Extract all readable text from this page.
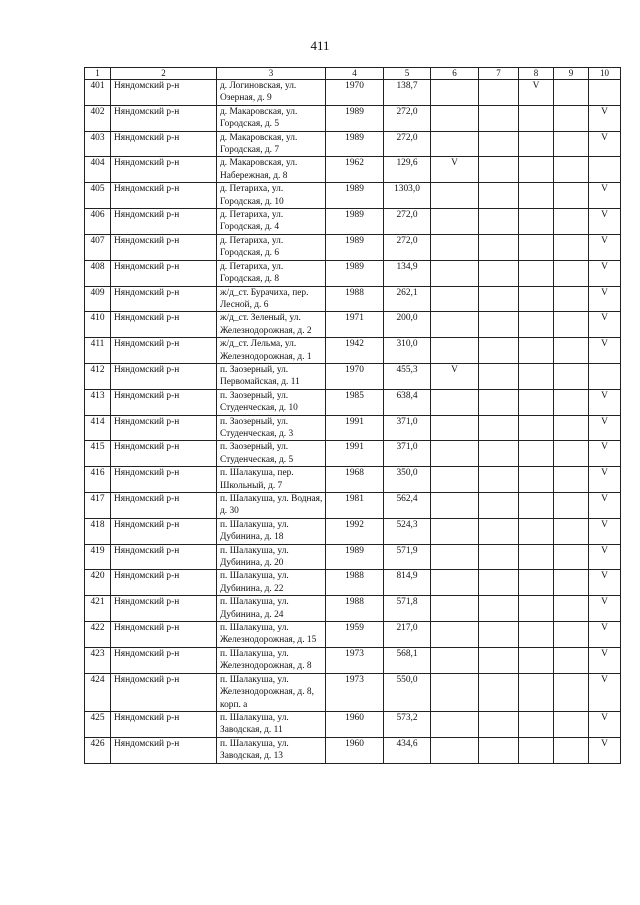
411
1	2	3	4	5	6	7	8	9	10
401	Няндомский р-н	д. Логиновская, ул. Озерная, д. 9	1970	138,7			V		
402	Няндомский р-н	д. Макаровская, ул. Городская, д. 5	1989	272,0					V
403	Няндомский р-н	д. Макаровская, ул. Городская, д. 7	1989	272,0					V
404	Няндомский р-н	д. Макаровская, ул. Набережная, д. 8	1962	129,6	V				
405	Няндомский р-н	д. Петариха, ул. Городская, д. 10	1989	1303,0					V
406	Няндомский р-н	д. Петариха, ул. Городская, д. 4	1989	272,0					V
407	Няндомский р-н	д. Петариха, ул. Городская, д. 6	1989	272,0					V
408	Няндомский р-н	д. Петариха, ул. Городская, д. 8	1989	134,9					V
409	Няндомский р-н	ж/д_ст. Бурачиха, пер. Лесной, д. 6	1988	262,1					V
410	Няндомский р-н	ж/д_ст. Зеленый, ул. Железнодорожная, д. 2	1971	200,0					V
411	Няндомский р-н	ж/д_ст. Лельма, ул. Железнодорожная, д. 1	1942	310,0					V
412	Няндомский р-н	п. Заозерный, ул. Первомайская, д. 11	1970	455,3	V				
413	Няндомский р-н	п. Заозерный, ул. Студенческая, д. 10	1985	638,4					V
414	Няндомский р-н	п. Заозерный, ул. Студенческая, д. 3	1991	371,0					V
415	Няндомский р-н	п. Заозерный, ул. Студенческая, д. 5	1991	371,0					V
416	Няндомский р-н	п. Шалакуша, пер. Школьный, д. 7	1968	350,0					V
417	Няндомский р-н	п. Шалакуша, ул. Водная, д. 30	1981	562,4					V
418	Няндомский р-н	п. Шалакуша, ул. Дубинина, д. 18	1992	524,3					V
419	Няндомский р-н	п. Шалакуша, ул. Дубинина, д. 20	1989	571,9					V
420	Няндомский р-н	п. Шалакуша, ул. Дубинина, д. 22	1988	814,9					V
421	Няндомский р-н	п. Шалакуша, ул. Дубинина, д. 24	1988	571,8					V
422	Няндомский р-н	п. Шалакуша, ул. Железнодорожная, д. 15	1959	217,0					V
423	Няндомский р-н	п. Шалакуша, ул. Железнодорожная, д. 8	1973	568,1					V
424	Няндомский р-н	п. Шалакуша, ул. Железнодорожная, д. 8, корп. а	1973	550,0					V
425	Няндомский р-н	п. Шалакуша, ул. Заводская, д. 11	1960	573,2					V
426	Няндомский р-н	п. Шалакуша, ул. Заводская, д. 13	1960	434,6					V
